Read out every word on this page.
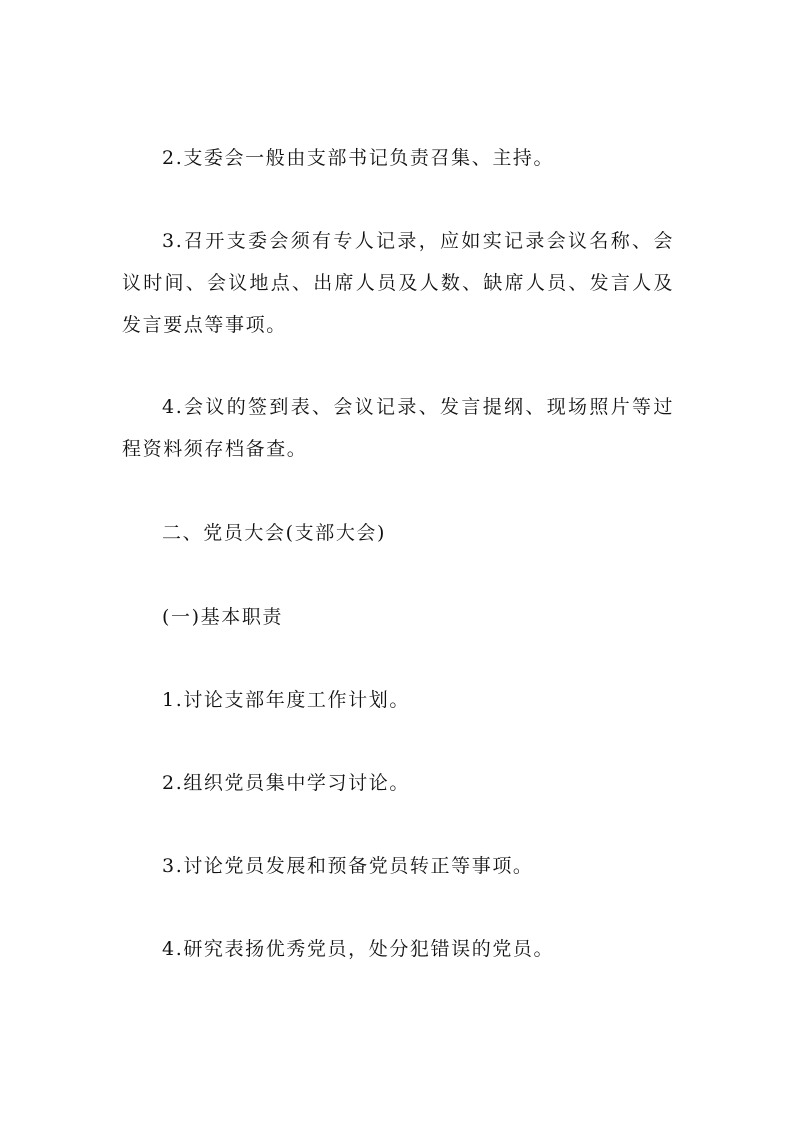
2.支委会一般由支部书记负责召集、主持。

3.召开支委会须有专人记录，应如实记录会议名称、会议时间、会议地点、出席人员及人数、缺席人员、发言人及发言要点等事项。

4.会议的签到表、会议记录、发言提纲、现场照片等过程资料须存档备查。

二、党员大会(支部大会)

(一)基本职责

1.讨论支部年度工作计划。

2.组织党员集中学习讨论。

3.讨论党员发展和预备党员转正等事项。

4.研究表扬优秀党员，处分犯错误的党员。
